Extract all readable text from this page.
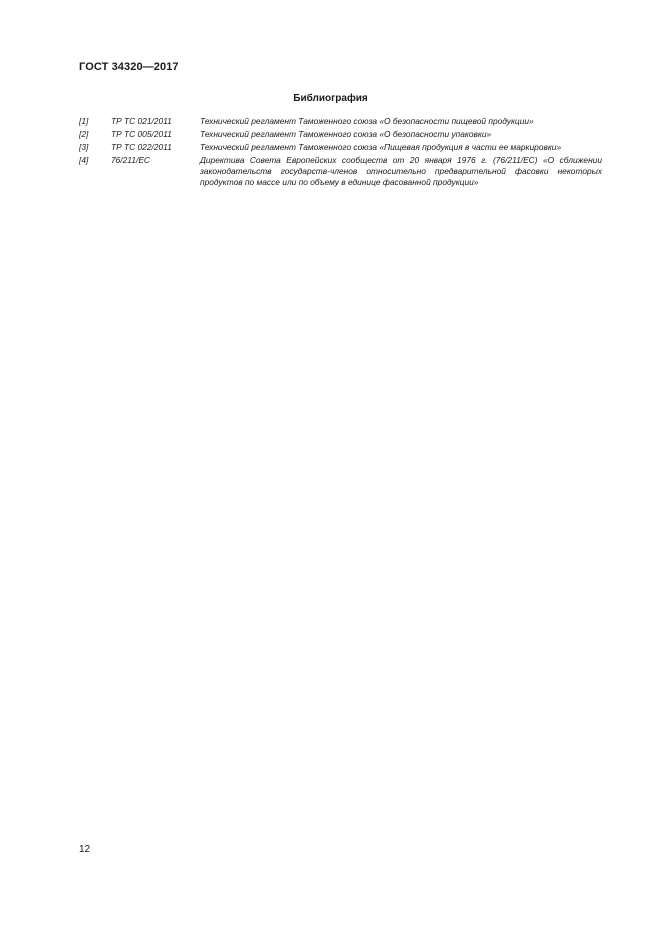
ГОСТ 34320—2017
Библиография
[1]	ТР ТС 021/2011	Технический регламент Таможенного союза «О безопасности пищевой продукции»
[2]	ТР ТС 005/2011	Технический регламент Таможенного союза «О безопасности упаковки»
[3]	ТР ТС 022/2011	Технический регламент Таможенного союза «Пищевая продукция в части ее маркировки»
[4]	76/211/ЕС	Директива Совета Европейских сообществ от 20 января 1976 г. (76/211/ЕС) «О сближении законодательств государств-членов относительно предварительной фасовки некоторых продуктов по массе или по объему в единице фасованной продукции»
12
